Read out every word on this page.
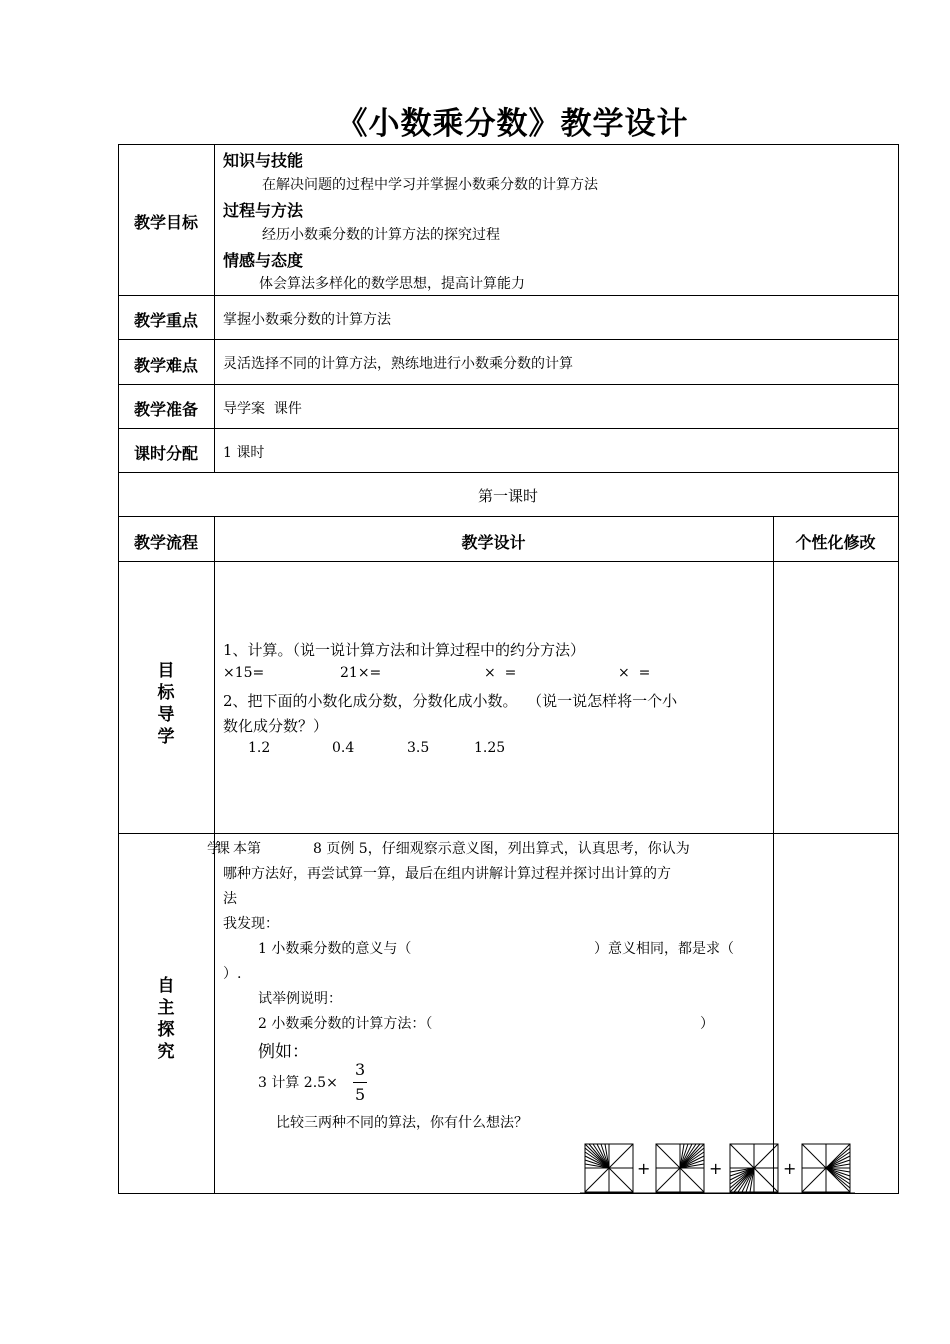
《小数乘分数》教学设计
教学目标
知识与技能
在解决问题的过程中学习并掌握小数乘分数的计算方法
过程与方法
经历小数乘分数的计算方法的探究过程
情感与态度
体会算法多样化的数学思想，提高计算能力
教学重点	掌握小数乘分数的计算方法
教学难点	灵活选择不同的计算方法，熟练地进行小数乘分数的计算
教学准备	导学案  课件
课时分配	1 课时
第一课时
教学流程	教学设计	个性化修改
目标导学
1、计算。（说一说计算方法和计算过程中的约分方法）
×15=	21×=	×  =	×  =
2、把下面的小数化成分数，分数化成小数。  （说一说怎样将一个小
数化成分数？）
1.2	0.4	3.5	1.25
自主探究
学课 本第	8 页例 5，仔细观察示意义图，列出算式，认真思考，你认为
哪种方法好，再尝试算一算，最后在组内讲解计算过程并探讨出计算的方
法
我发现：
1 小数乘分数的意义与（	）意义相同，都是求（
）.
试举例说明：
2 小数乘分数的计算方法：（	）
例如：
3 计算 2.5×
3
5
比较三两种不同的算法，你有什么想法？
+	+	+
